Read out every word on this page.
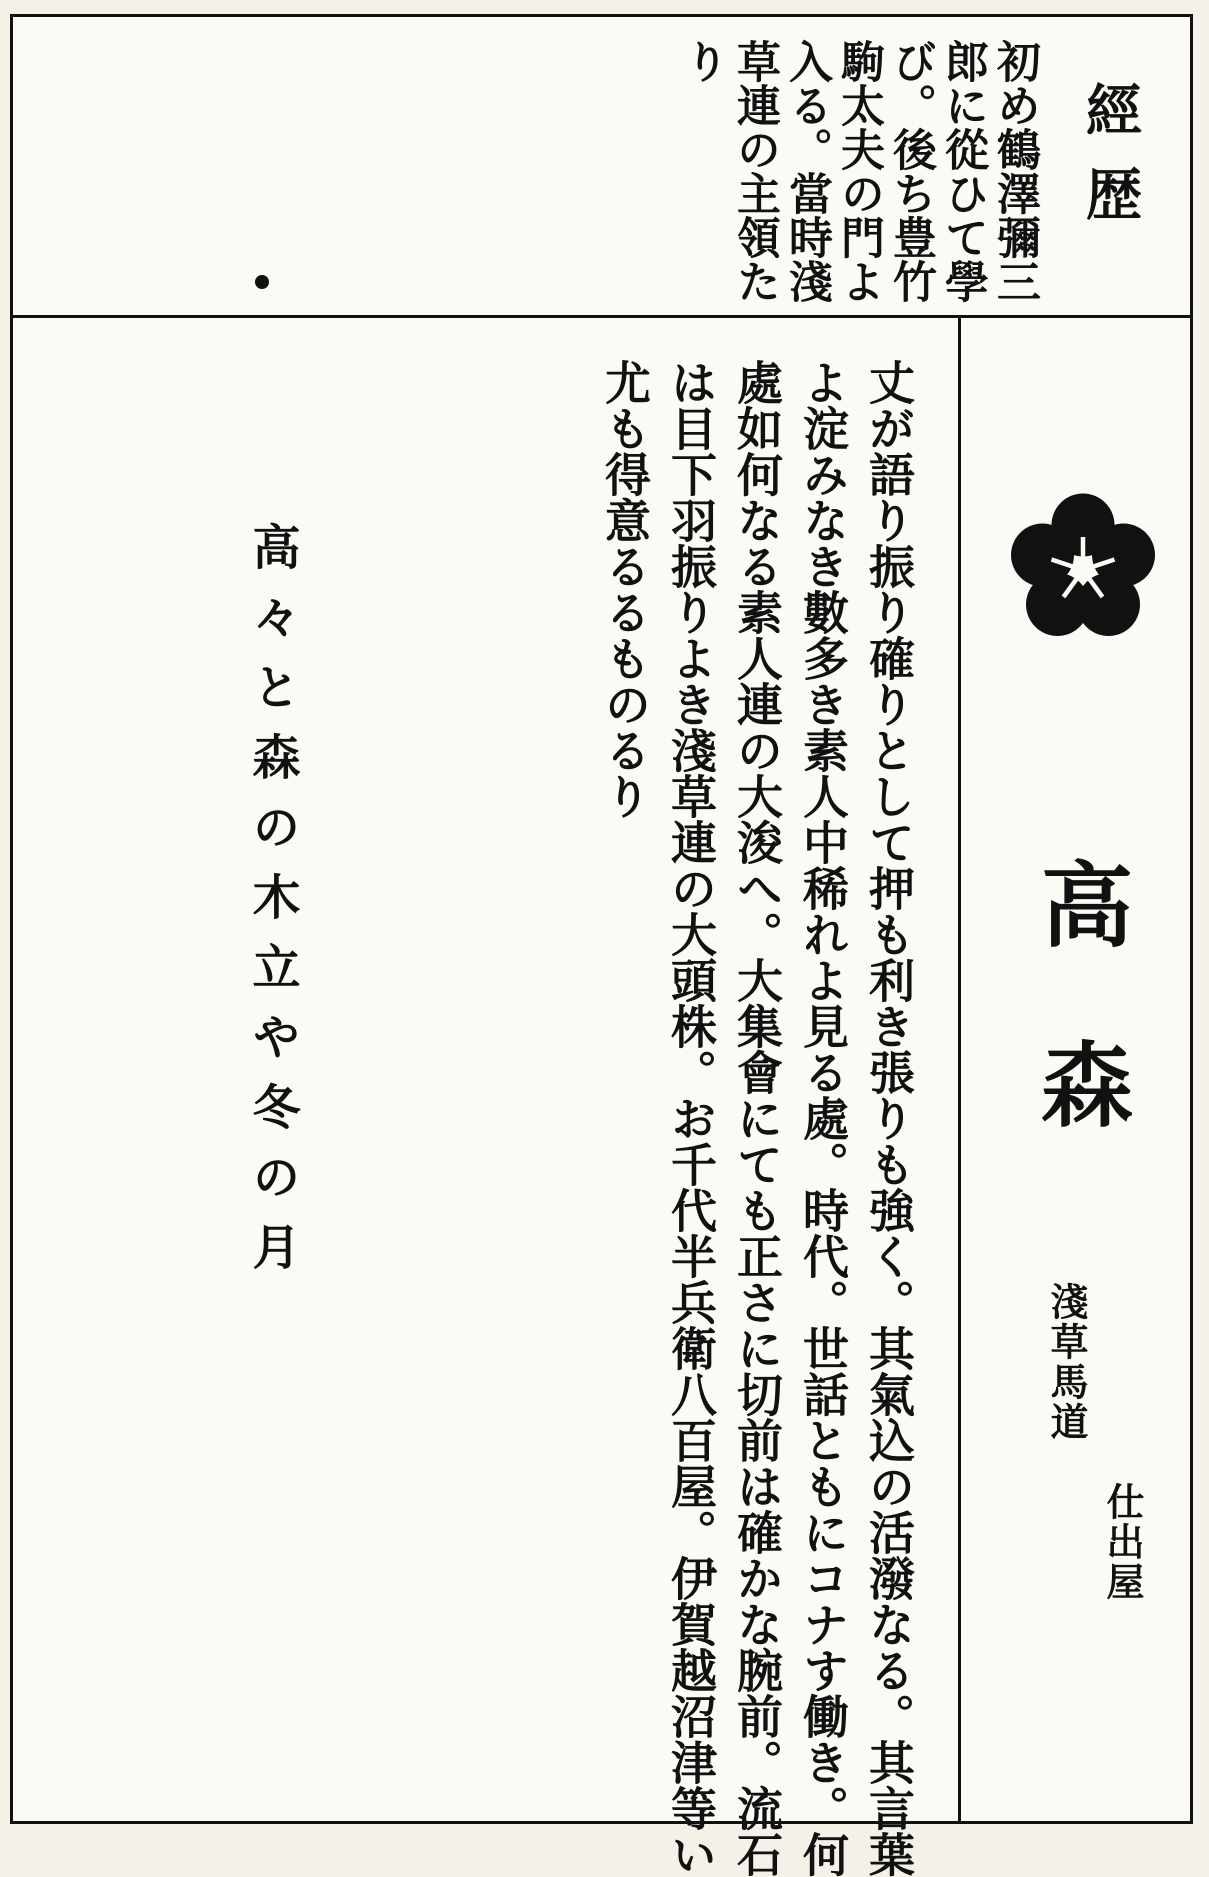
經歴

初め鶴澤彌三
郎に從ひて學
び。後ち豊竹
駒太夫の門よ
入る。當時淺
草連の主領た
り

高森

淺草馬道

仕出屋

丈が語り振り確りとして押も利き張りも強く。其氣込の活潑なる。其言葉
よ淀みなき數多き素人中稀れよ見る處。時代。世話ともにコナす働き。何
處如何なる素人連の大浚へ。大集會にても正さに切前は確かな腕前。流石
は目下羽振りよき淺草連の大頭株。お千代半兵衛八百屋。伊賀越沼津等い
尤も得意るるものるり

高々と森の木立や冬の月
